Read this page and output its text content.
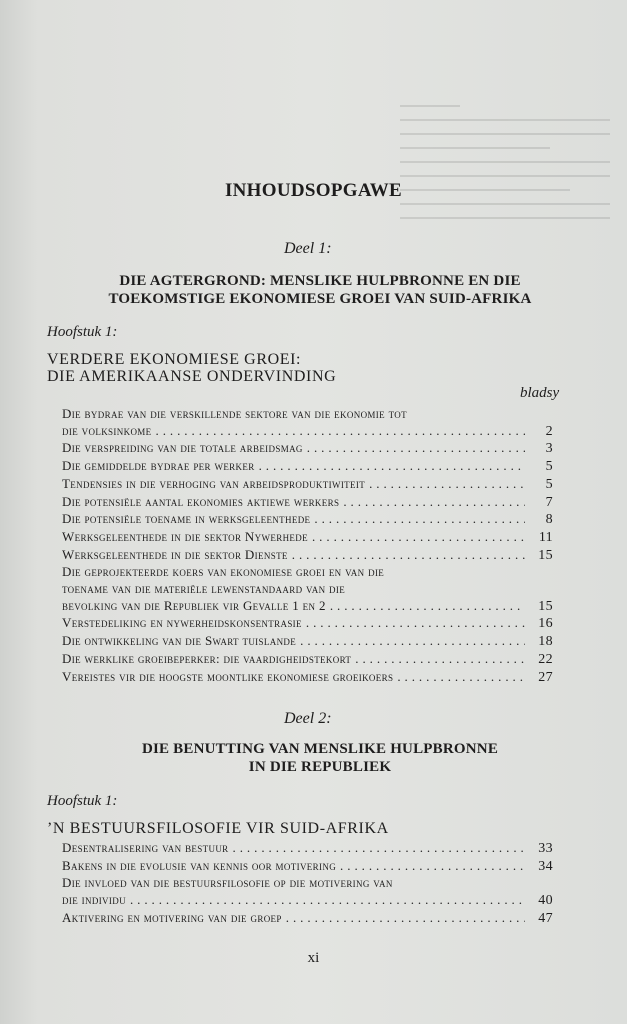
INHOUDSOPGAWE
Deel 1:
DIE AGTERGROND: MENSLIKE HULPBRONNE EN DIE
TOEKOMSTIGE EKONOMIESE GROEI VAN SUID-AFRIKA
Hoofstuk 1:
VERDERE EKONOMIESE GROEI:
DIE AMERIKAANSE ONDERVINDING
bladsy
Die bydrae van die verskillende sektore van die ekonomie tot
die volksinkome . . .	2
Die verspreiding van die totale arbeidsmag . . .	3
Die gemiddelde bydrae per werker . . .	5
Tendensies in die verhoging van arbeidsproduktiwiteit . . .	5
Die potensiële aantal ekonomies aktiewe werkers . . .	7
Die potensiële toename in werksgeleenthede . . .	8
Werksgeleenthede in die sektor Nywerhede . . .	11
Werksgeleenthede in die sektor Dienste . . .	15
Die geprojekteerde koers van ekonomiese groei en van die
toename van die materiële lewenstandaard van die
bevolking van die Republiek vir Gevalle 1 en 2 . . .	15
Verstedeliking en nywerheidskonsentrasie . . .	16
Die ontwikkeling van die Swart tuislande . . .	18
Die werklike groeibeperker: die vaardigheidstekort . . .	22
Vereistes vir die hoogste moontlike ekonomiese groeikoers . . .	27
Deel 2:
DIE BENUTTING VAN MENSLIKE HULPBRONNE
IN DIE REPUBLIEK
Hoofstuk 1:
’N BESTUURSFILOSOFIE VIR SUID-AFRIKA
Desentralisering van bestuur . . .	33
Bakens in die evolusie van kennis oor motivering . . .	34
Die invloed van die bestuursfilosofie op die motivering van
die individu . . .	40
Aktivering en motivering van die groep . . .	47
xi
